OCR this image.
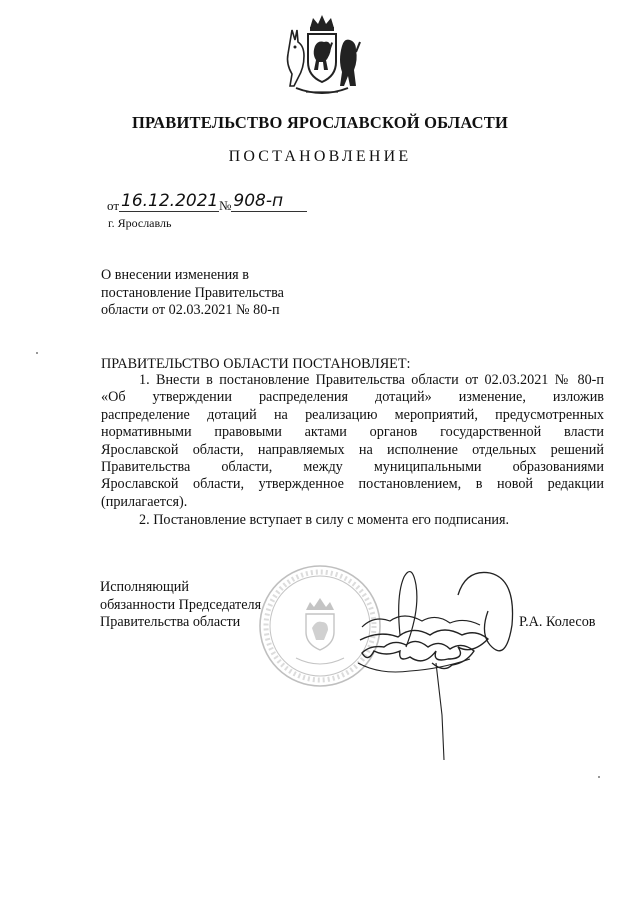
ПРАВИТЕЛЬСТВО ЯРОСЛАВСКОЙ ОБЛАСТИ
ПОСТАНОВЛЕНИЕ
от 16.12.2021№ 908-п
г. Ярославль
О внесении изменения в
постановление Правительства
области от 02.03.2021 № 80-п
ПРАВИТЕЛЬСТВО ОБЛАСТИ ПОСТАНОВЛЯЕТ:
1. Внести в постановление Правительства области от 02.03.2021 № 80-п
«Об утверждении распределения дотаций» изменение, изложив
распределение дотаций на реализацию мероприятий, предусмотренных
нормативными правовыми актами органов государственной власти
Ярославской области, направляемых на исполнение отдельных решений
Правительства области, между муниципальными образованиями
Ярославской области, утвержденное постановлением, в новой редакции
(прилагается).
2. Постановление вступает в силу с момента его подписания.
Исполняющий
обязанности Председателя
Правительства области	Р.А. Колесов
